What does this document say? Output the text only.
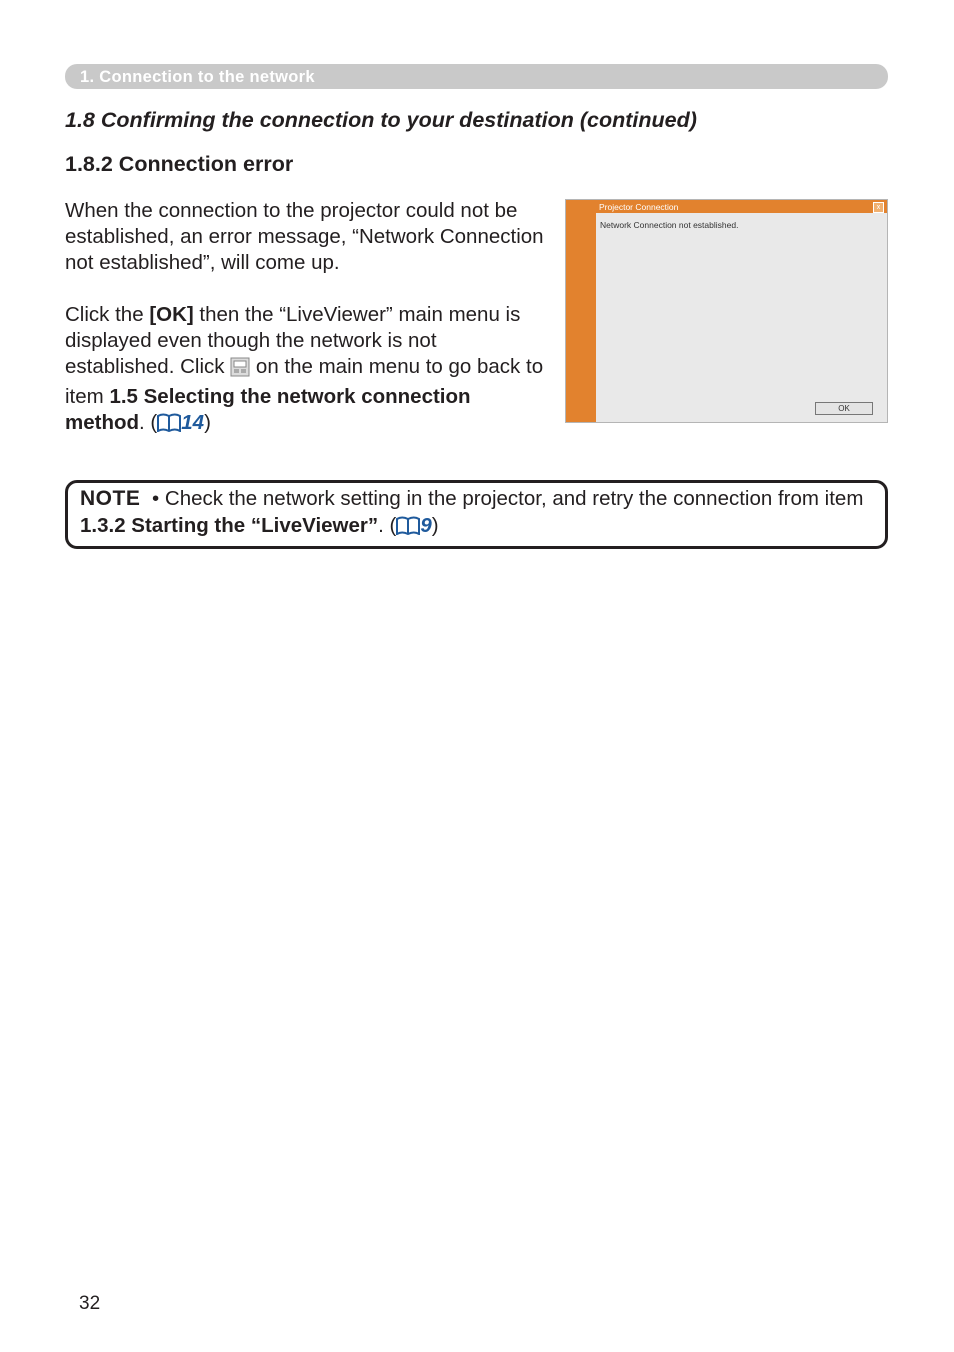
1. Connection to the network
1.8 Confirming the connection to your destination (continued)
1.8.2 Connection error
When the connection to the projector could not be established, an error message, “Network Connection not established”, will come up.
Click the [OK] then the “LiveViewer” main menu is displayed even though the network is not established. Click  on the main menu to go back to item 1.5 Selecting the network connection method. ( 14)
Projector Connection	x
Network Connection not established.
OK
NOTE • Check the network setting in the projector, and retry the connection from item 1.3.2 Starting the “LiveViewer”. ( 9)
32
